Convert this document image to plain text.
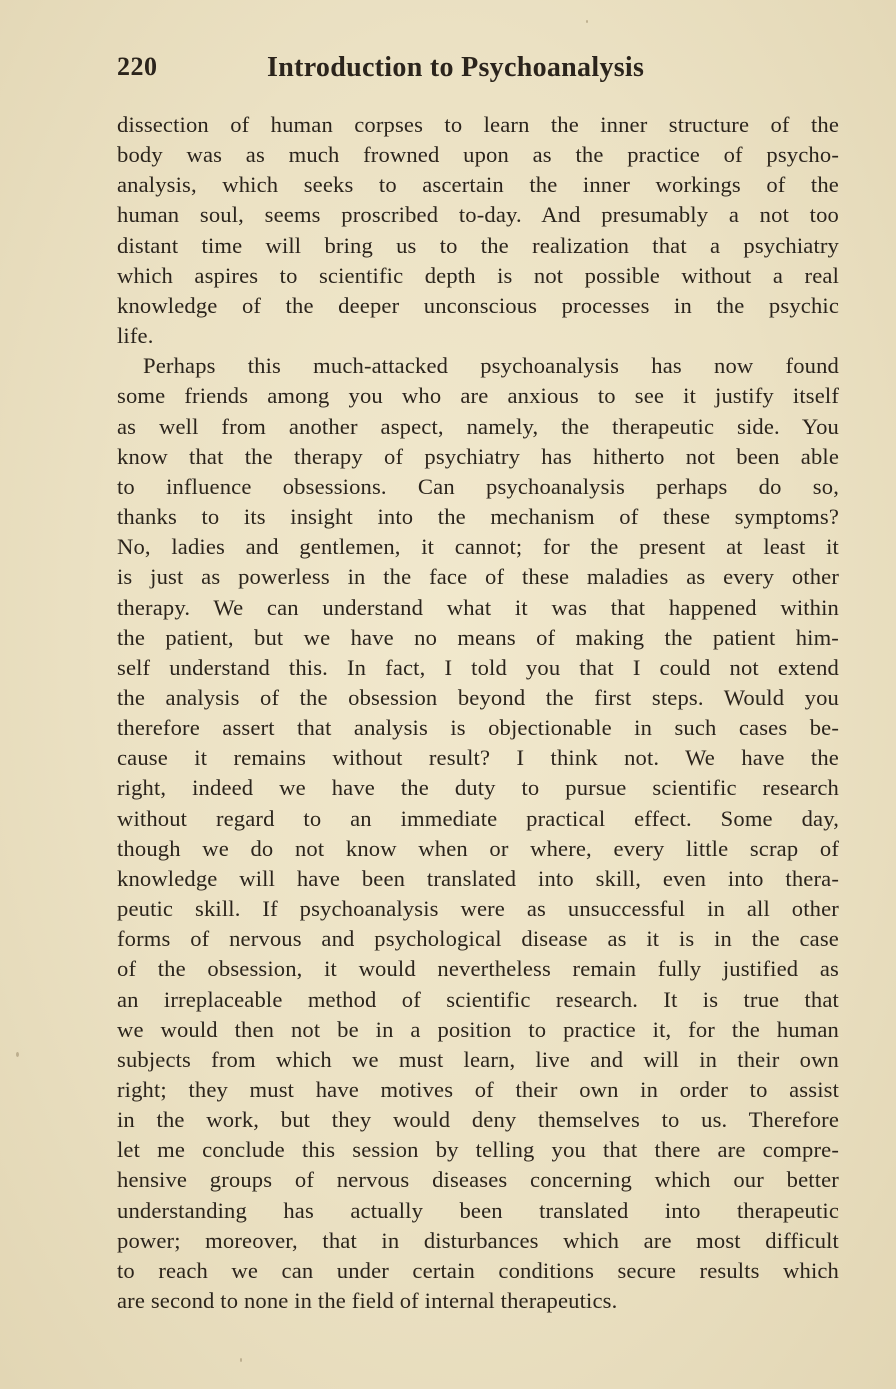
220	Introduction to Psychoanalysis

dissection of human corpses to learn the inner structure of the
body was as much frowned upon as the practice of psycho-
analysis, which seeks to ascertain the inner workings of the
human soul, seems proscribed to-day. And presumably a not too
distant time will bring us to the realization that a psychiatry
which aspires to scientific depth is not possible without a real
knowledge of the deeper unconscious processes in the psychic
life.

Perhaps this much-attacked psychoanalysis has now found
some friends among you who are anxious to see it justify itself
as well from another aspect, namely, the therapeutic side. You
know that the therapy of psychiatry has hitherto not been able
to influence obsessions. Can psychoanalysis perhaps do so,
thanks to its insight into the mechanism of these symptoms?
No, ladies and gentlemen, it cannot; for the present at least it
is just as powerless in the face of these maladies as every other
therapy. We can understand what it was that happened within
the patient, but we have no means of making the patient him-
self understand this. In fact, I told you that I could not extend
the analysis of the obsession beyond the first steps. Would you
therefore assert that analysis is objectionable in such cases be-
cause it remains without result? I think not. We have the
right, indeed we have the duty to pursue scientific research
without regard to an immediate practical effect. Some day,
though we do not know when or where, every little scrap of
knowledge will have been translated into skill, even into thera-
peutic skill. If psychoanalysis were as unsuccessful in all other
forms of nervous and psychological disease as it is in the case
of the obsession, it would nevertheless remain fully justified as
an irreplaceable method of scientific research. It is true that
we would then not be in a position to practice it, for the human
subjects from which we must learn, live and will in their own
right; they must have motives of their own in order to assist
in the work, but they would deny themselves to us. Therefore
let me conclude this session by telling you that there are compre-
hensive groups of nervous diseases concerning which our better
understanding has actually been translated into therapeutic
power; moreover, that in disturbances which are most difficult
to reach we can under certain conditions secure results which
are second to none in the field of internal therapeutics.
